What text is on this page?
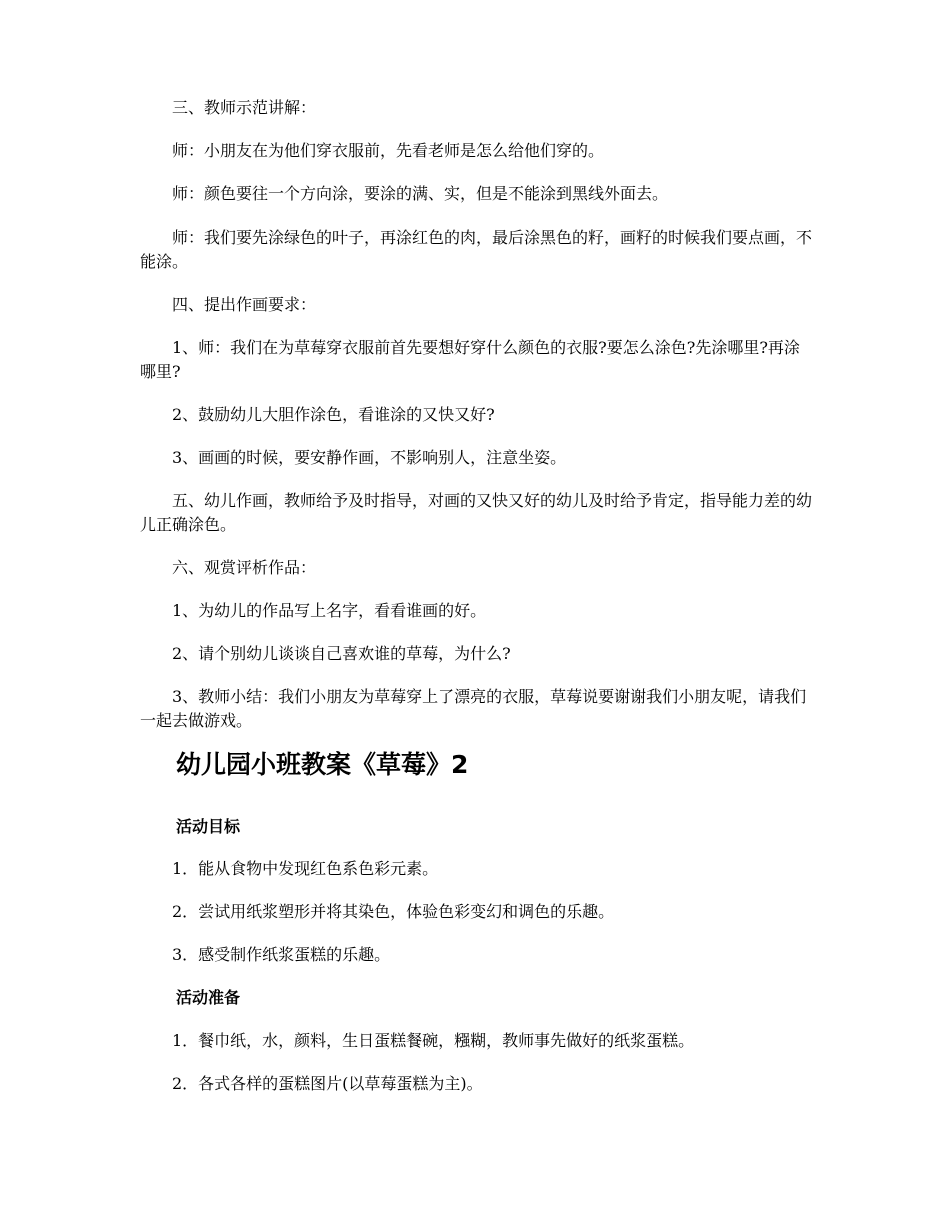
三、教师示范讲解：

师：小朋友在为他们穿衣服前，先看老师是怎么给他们穿的。

师：颜色要往一个方向涂，要涂的满、实，但是不能涂到黑线外面去。

师：我们要先涂绿色的叶子，再涂红色的肉，最后涂黑色的籽，画籽的时候我们要点画，不能涂。

四、提出作画要求：

1、师：我们在为草莓穿衣服前首先要想好穿什么颜色的衣服?要怎么涂色?先涂哪里?再涂哪里?

2、鼓励幼儿大胆作涂色，看谁涂的又快又好?

3、画画的时候，要安静作画，不影响别人，注意坐姿。

五、幼儿作画，教师给予及时指导，对画的又快又好的幼儿及时给予肯定，指导能力差的幼儿正确涂色。

六、观赏评析作品：

1、为幼儿的作品写上名字，看看谁画的好。

2、请个别幼儿谈谈自己喜欢谁的草莓，为什么?

3、教师小结：我们小朋友为草莓穿上了漂亮的衣服，草莓说要谢谢我们小朋友呢，请我们一起去做游戏。

幼儿园小班教案《草莓》2
活动目标

1．能从食物中发现红色系色彩元素。

2．尝试用纸浆塑形并将其染色，体验色彩变幻和调色的乐趣。

3．感受制作纸浆蛋糕的乐趣。

活动准备

1．餐巾纸，水，颜料，生日蛋糕餐碗，糨糊，教师事先做好的纸浆蛋糕。

2．各式各样的蛋糕图片(以草莓蛋糕为主)。
